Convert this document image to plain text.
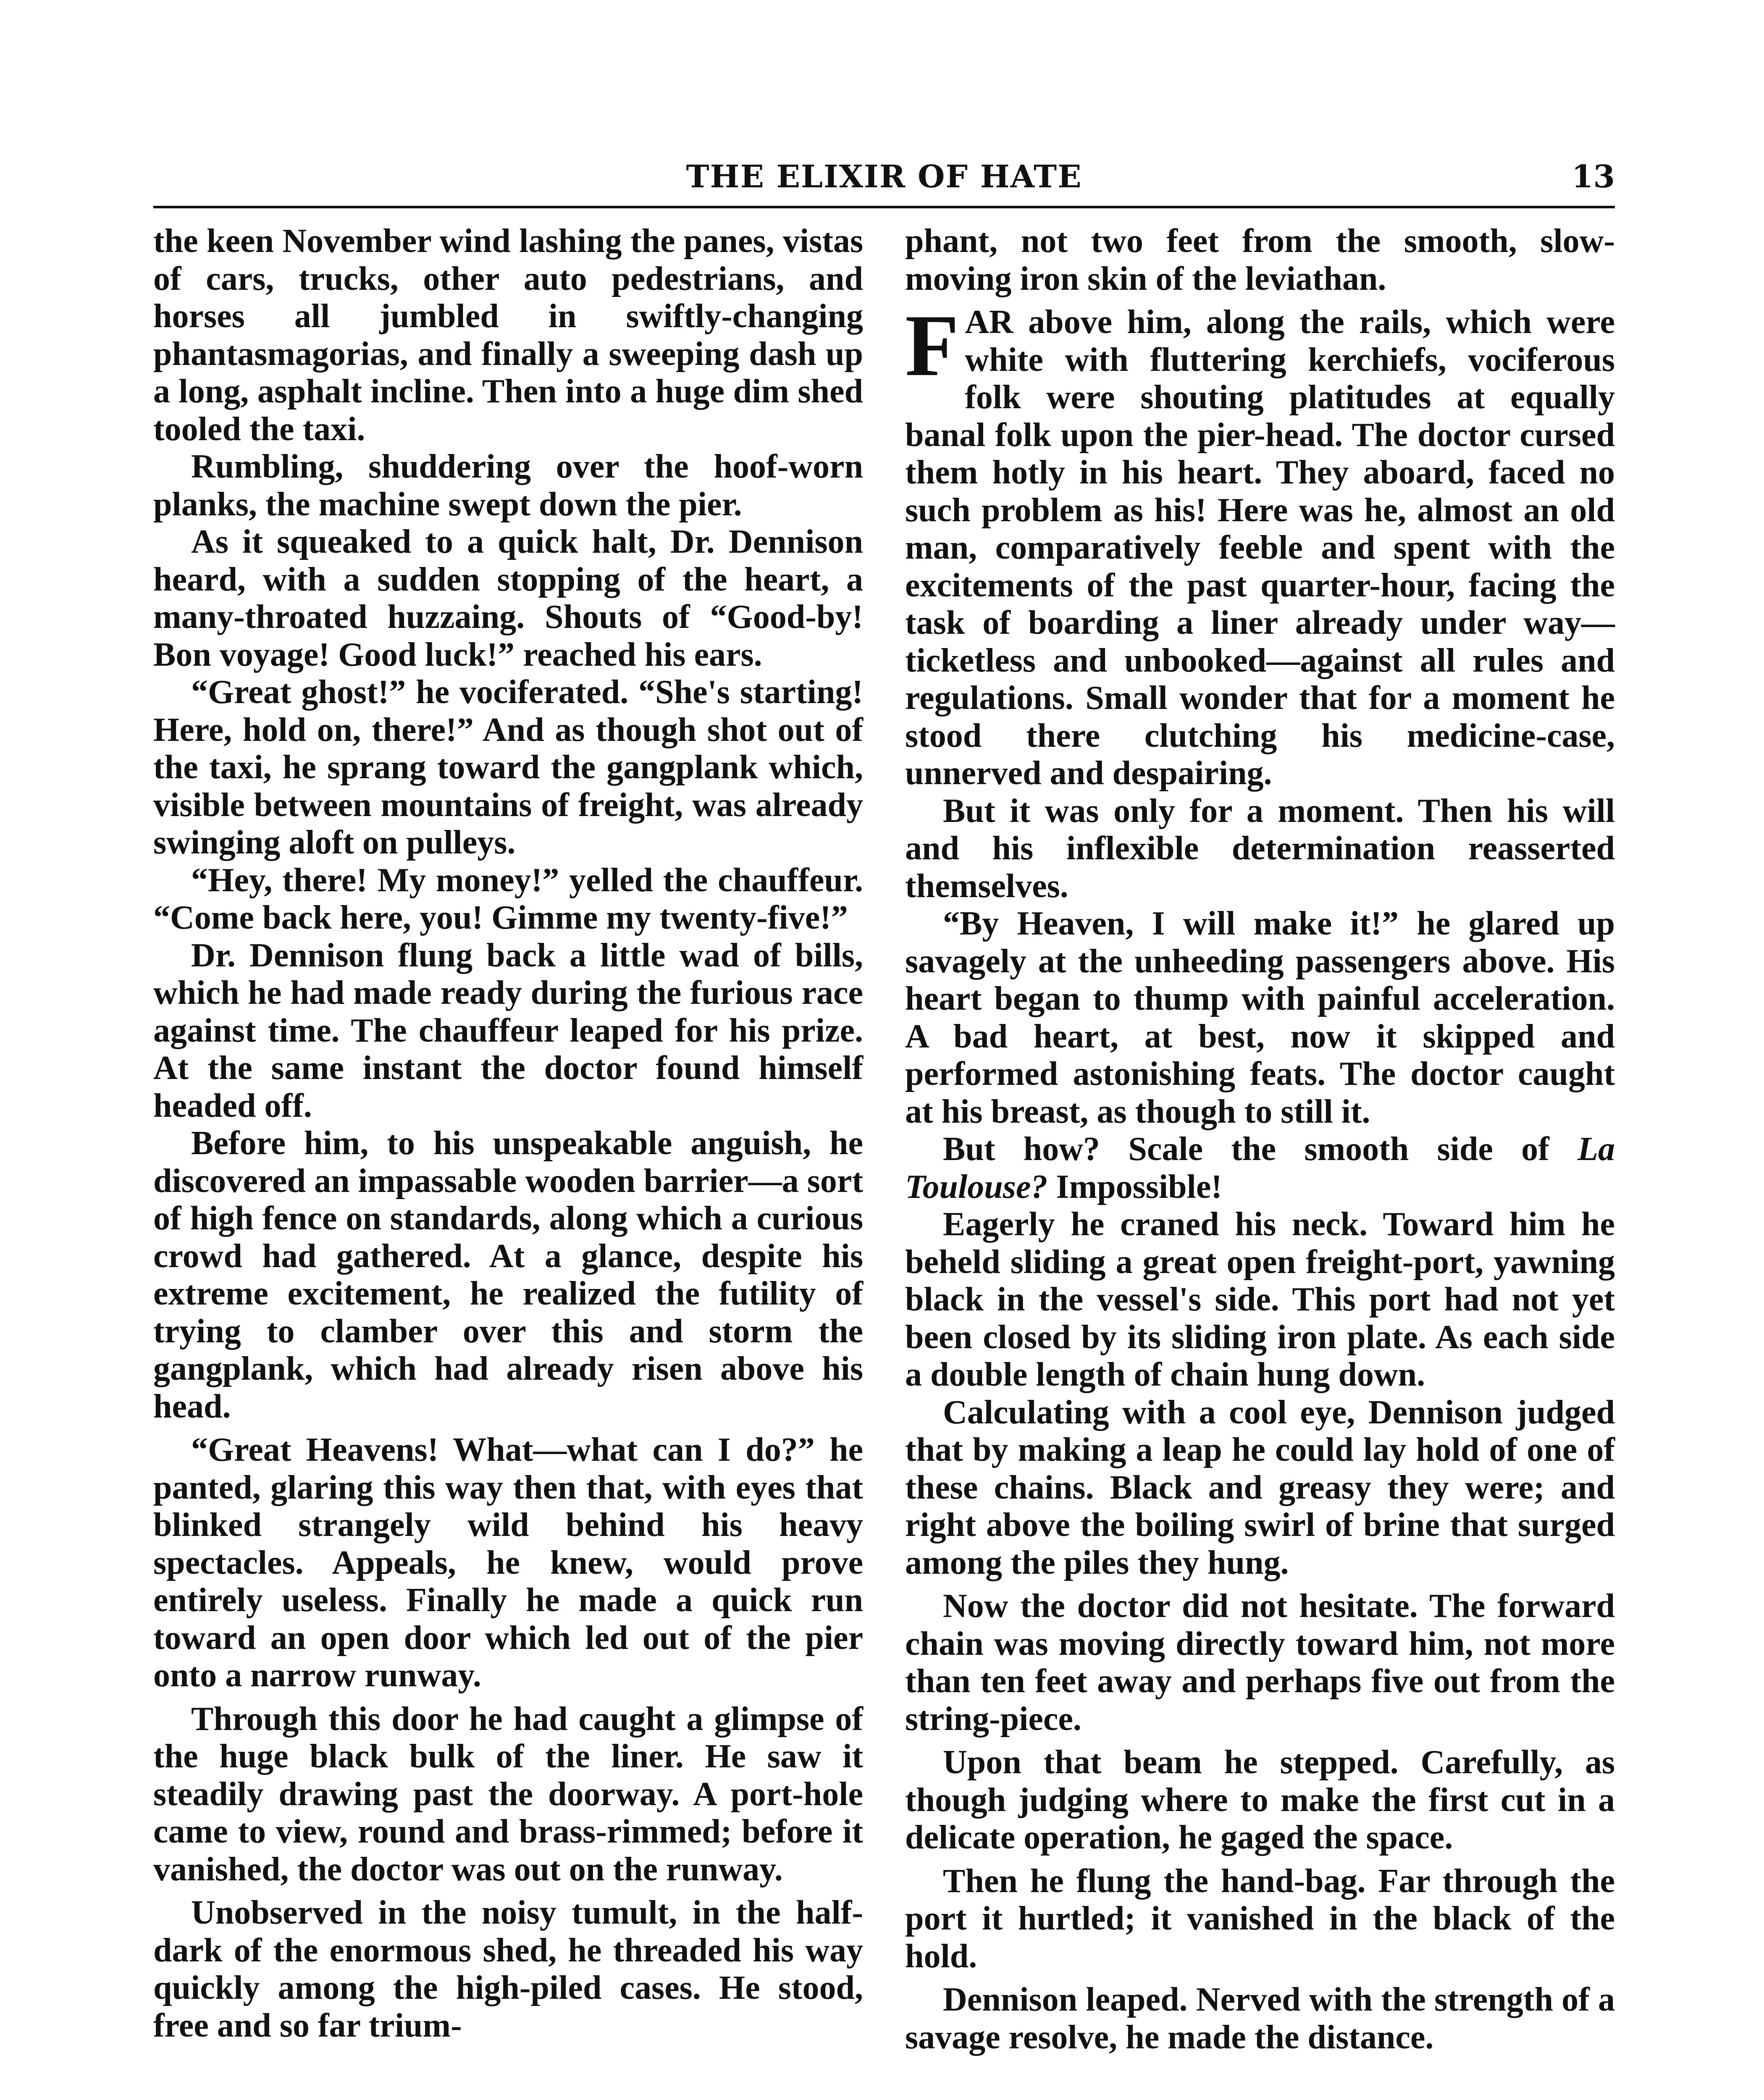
THE ELIXIR OF HATE	13

the keen November wind lashing the panes, vistas of cars, trucks, other auto pedestrians, and horses all jumbled in swiftly-changing phantasmagorias, and finally a sweeping dash up a long, asphalt incline. Then into a huge dim shed tooled the taxi.

Rumbling, shuddering over the hoof-worn planks, the machine swept down the pier.

As it squeaked to a quick halt, Dr. Dennison heard, with a sudden stopping of the heart, a many-throated huzzaing. Shouts of “Good-by! Bon voyage! Good luck!” reached his ears.

“Great ghost!” he vociferated. “She's starting! Here, hold on, there!” And as though shot out of the taxi, he sprang toward the gangplank which, visible between mountains of freight, was already swinging aloft on pulleys.

“Hey, there! My money!” yelled the chauffeur. “Come back here, you! Gimme my twenty-five!”

Dr. Dennison flung back a little wad of bills, which he had made ready during the furious race against time. The chauffeur leaped for his prize. At the same instant the doctor found himself headed off.

Before him, to his unspeakable anguish, he discovered an impassable wooden barrier—a sort of high fence on standards, along which a curious crowd had gathered. At a glance, despite his extreme excitement, he realized the futility of trying to clamber over this and storm the gangplank, which had already risen above his head.

“Great Heavens! What—what can I do?” he panted, glaring this way then that, with eyes that blinked strangely wild behind his heavy spectacles. Appeals, he knew, would prove entirely useless. Finally he made a quick run toward an open door which led out of the pier onto a narrow runway.

Through this door he had caught a glimpse of the huge black bulk of the liner. He saw it steadily drawing past the doorway. A port-hole came to view, round and brass-rimmed; before it vanished, the doctor was out on the runway.

Unobserved in the noisy tumult, in the half-dark of the enormous shed, he threaded his way quickly among the high-piled cases. He stood, free and so far trium-

phant, not two feet from the smooth, slow-moving iron skin of the leviathan.

FAR above him, along the rails, which were white with fluttering kerchiefs, vociferous folk were shouting platitudes at equally banal folk upon the pier-head. The doctor cursed them hotly in his heart. They aboard, faced no such problem as his! Here was he, almost an old man, comparatively feeble and spent with the excitements of the past quarter-hour, facing the task of boarding a liner already under way—ticketless and unbooked—against all rules and regulations. Small wonder that for a moment he stood there clutching his medicine-case, unnerved and despairing.

But it was only for a moment. Then his will and his inflexible determination reasserted themselves.

“By Heaven, I will make it!” he glared up savagely at the unheeding passengers above. His heart began to thump with painful acceleration. A bad heart, at best, now it skipped and performed astonishing feats. The doctor caught at his breast, as though to still it.

But how? Scale the smooth side of La Toulouse? Impossible!

Eagerly he craned his neck. Toward him he beheld sliding a great open freight-port, yawning black in the vessel's side. This port had not yet been closed by its sliding iron plate. As each side a double length of chain hung down.

Calculating with a cool eye, Dennison judged that by making a leap he could lay hold of one of these chains. Black and greasy they were; and right above the boiling swirl of brine that surged among the piles they hung.

Now the doctor did not hesitate. The forward chain was moving directly toward him, not more than ten feet away and perhaps five out from the string-piece.

Upon that beam he stepped. Carefully, as though judging where to make the first cut in a delicate operation, he gaged the space.

Then he flung the hand-bag. Far through the port it hurtled; it vanished in the black of the hold.

Dennison leaped. Nerved with the strength of a savage resolve, he made the distance.
